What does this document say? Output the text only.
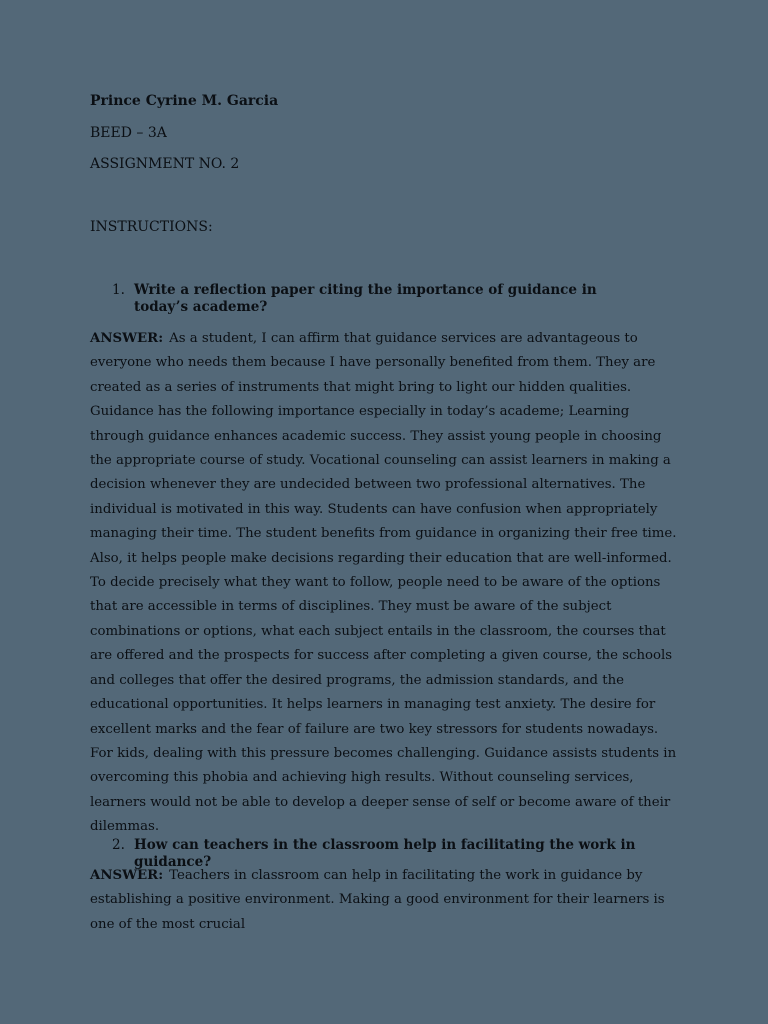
Prince Cyrine M. Garcia
BEED – 3A
ASSIGNMENT NO. 2
INSTRUCTIONS:
1. Write a reflection paper citing the importance of guidance in today’s academe?

ANSWER: As a student, I can affirm that guidance services are advantageous to everyone who needs them because I have personally benefited from them. They are created as a series of instruments that might bring to light our hidden qualities. Guidance has the following importance especially in today’s academe; Learning through guidance enhances academic success. They assist young people in choosing the appropriate course of study. Vocational counseling can assist learners in making a decision whenever they are undecided between two professional alternatives. The individual is motivated in this way. Students can have confusion when appropriately managing their time. The student benefits from guidance in organizing their free time. Also, it helps people make decisions regarding their education that are well-informed. To decide precisely what they want to follow, people need to be aware of the options that are accessible in terms of disciplines. They must be aware of the subject combinations or options, what each subject entails in the classroom, the courses that are offered and the prospects for success after completing a given course, the schools and colleges that offer the desired programs, the admission standards, and the educational opportunities. It helps learners in managing test anxiety. The desire for excellent marks and the fear of failure are two key stressors for students nowadays. For kids, dealing with this pressure becomes challenging. Guidance assists students in overcoming this phobia and achieving high results. Without counseling services, learners would not be able to develop a deeper sense of self or become aware of their dilemmas.

2. How can teachers in the classroom help in facilitating the work in guidance?

ANSWER: Teachers in classroom can help in facilitating the work in guidance by establishing a positive environment. Making a good environment for their learners is one of the most crucial
